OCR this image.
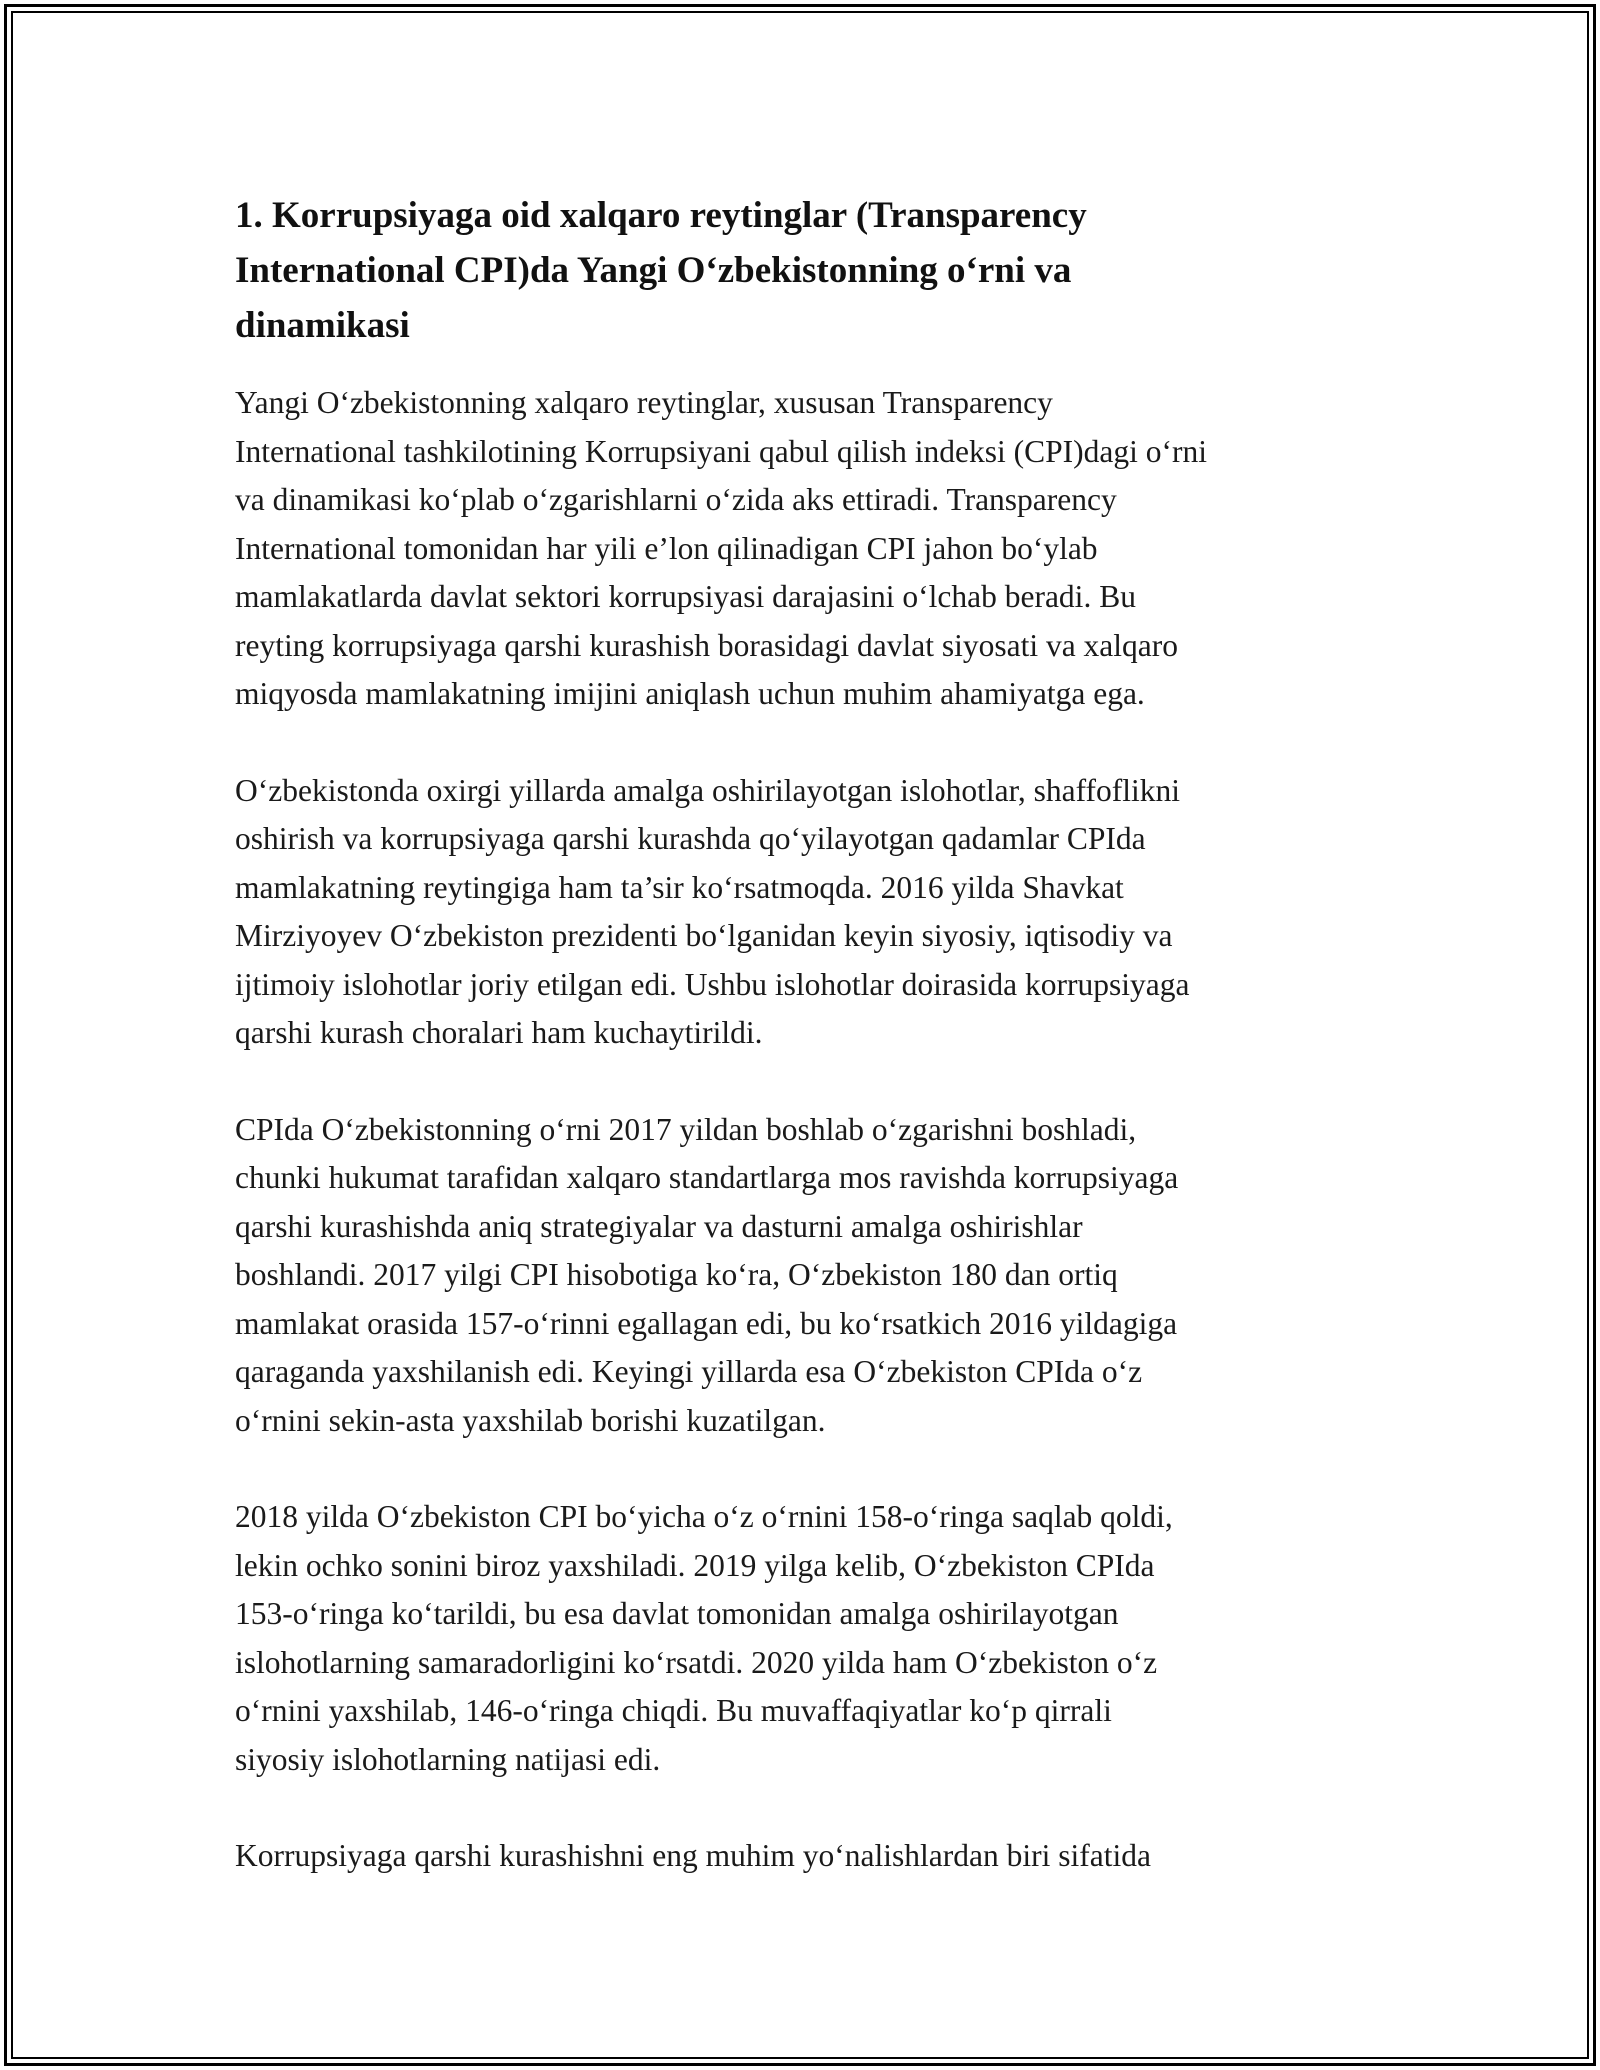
1. Korrupsiyaga oid xalqaro reytinglar (Transparency
International CPI)da Yangi O‘zbekistonning o‘rni va
dinamikasi

Yangi O‘zbekistonning xalqaro reytinglar, xususan Transparency
International tashkilotining Korrupsiyani qabul qilish indeksi (CPI)dagi o‘rni
va dinamikasi ko‘plab o‘zgarishlarni o‘zida aks ettiradi. Transparency
International tomonidan har yili e’lon qilinadigan CPI jahon bo‘ylab
mamlakatlarda davlat sektori korrupsiyasi darajasini o‘lchab beradi. Bu
reyting korrupsiyaga qarshi kurashish borasidagi davlat siyosati va xalqaro
miqyosda mamlakatning imijini aniqlash uchun muhim ahamiyatga ega.

O‘zbekistonda oxirgi yillarda amalga oshirilayotgan islohotlar, shaffoflikni
oshirish va korrupsiyaga qarshi kurashda qo‘yilayotgan qadamlar CPIda
mamlakatning reytingiga ham ta’sir ko‘rsatmoqda. 2016 yilda Shavkat
Mirziyoyev O‘zbekiston prezidenti bo‘lganidan keyin siyosiy, iqtisodiy va
ijtimoiy islohotlar joriy etilgan edi. Ushbu islohotlar doirasida korrupsiyaga
qarshi kurash choralari ham kuchaytirildi.

CPIda O‘zbekistonning o‘rni 2017 yildan boshlab o‘zgarishni boshladi,
chunki hukumat tarafidan xalqaro standartlarga mos ravishda korrupsiyaga
qarshi kurashishda aniq strategiyalar va dasturni amalga oshirishlar
boshlandi. 2017 yilgi CPI hisobotiga ko‘ra, O‘zbekiston 180 dan ortiq
mamlakat orasida 157-o‘rinni egallagan edi, bu ko‘rsatkich 2016 yildagiga
qaraganda yaxshilanish edi. Keyingi yillarda esa O‘zbekiston CPIda o‘z
o‘rnini sekin-asta yaxshilab borishi kuzatilgan.

2018 yilda O‘zbekiston CPI bo‘yicha o‘z o‘rnini 158-o‘ringa saqlab qoldi,
lekin ochko sonini biroz yaxshiladi. 2019 yilga kelib, O‘zbekiston CPIda
153-o‘ringa ko‘tarildi, bu esa davlat tomonidan amalga oshirilayotgan
islohotlarning samaradorligini ko‘rsatdi. 2020 yilda ham O‘zbekiston o‘z
o‘rnini yaxshilab, 146-o‘ringa chiqdi. Bu muvaffaqiyatlar ko‘p qirrali
siyosiy islohotlarning natijasi edi.

Korrupsiyaga qarshi kurashishni eng muhim yo‘nalishlardan biri sifatida
